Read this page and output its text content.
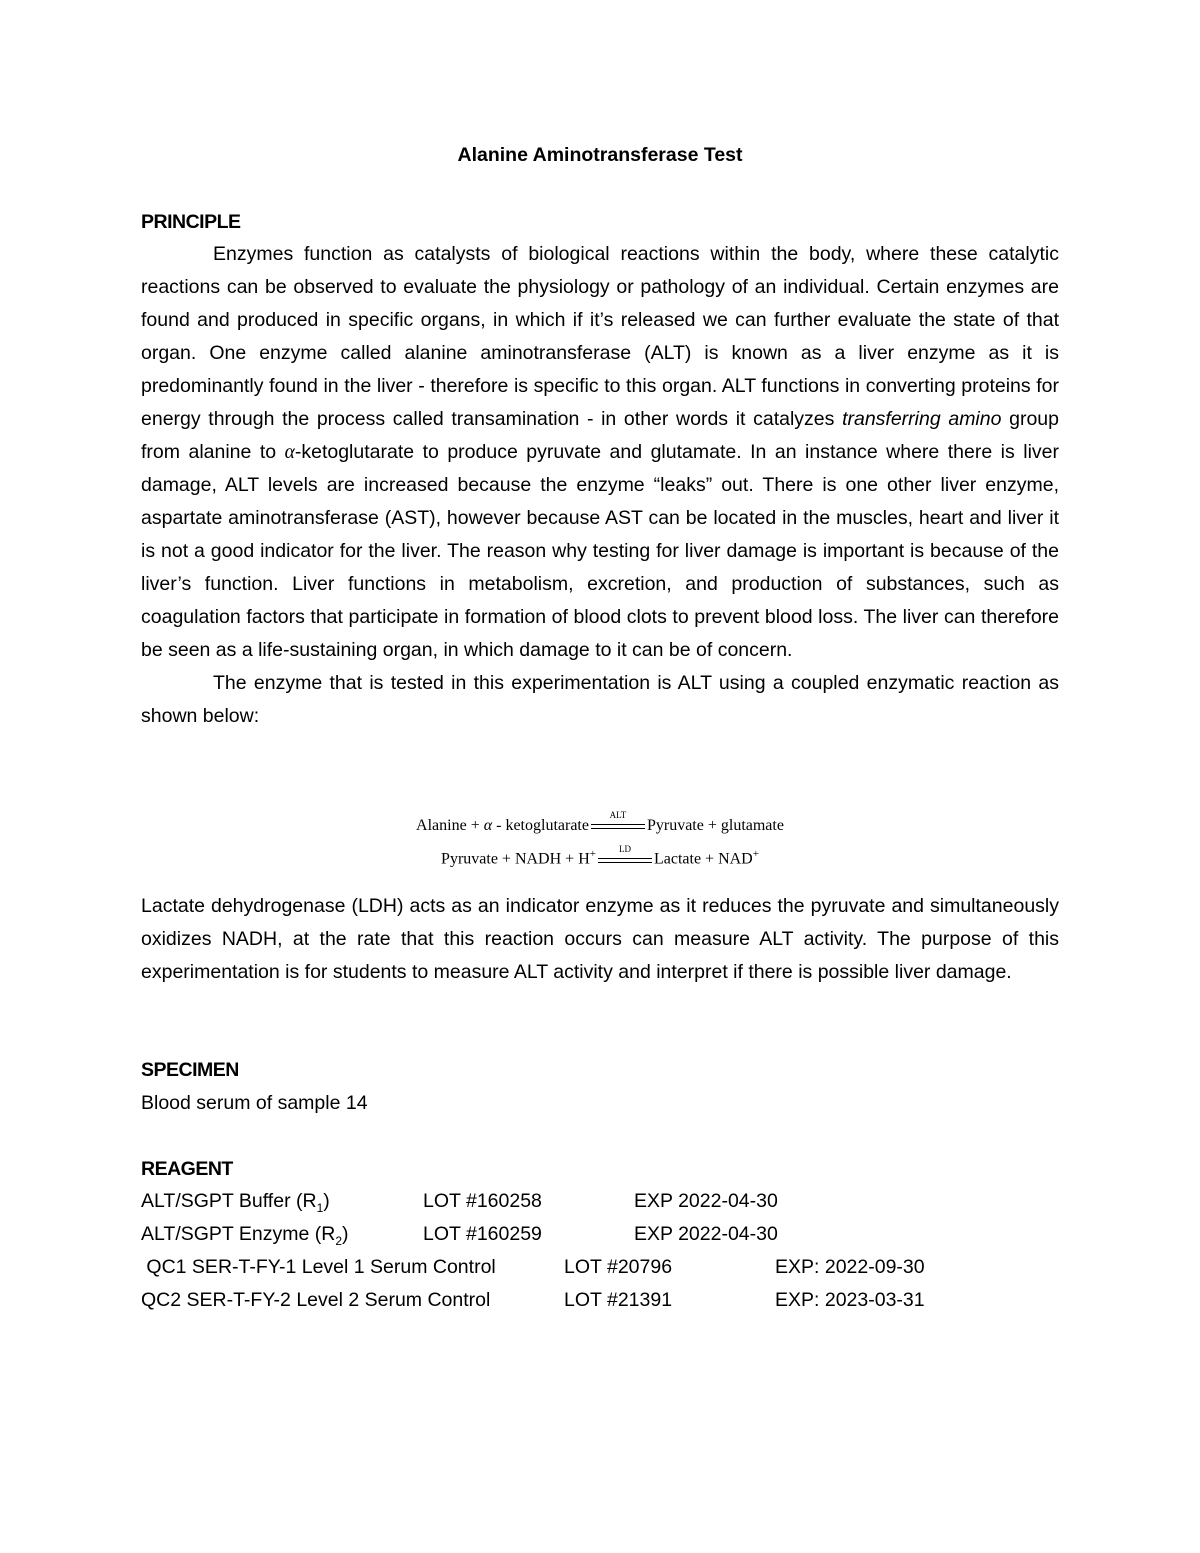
Alanine Aminotransferase Test
PRINCIPLE

Enzymes function as catalysts of biological reactions within the body, where these catalytic reactions can be observed to evaluate the physiology or pathology of an individual. Certain enzymes are found and produced in specific organs, in which if it’s released we can further evaluate the state of that organ. One enzyme called alanine aminotransferase (ALT) is known as a liver enzyme as it is predominantly found in the liver - therefore is specific to this organ. ALT functions in converting proteins for energy through the process called transamination - in other words it catalyzes transferring amino group from alanine to α-ketoglutarate to produce pyruvate and glutamate. In an instance where there is liver damage, ALT levels are increased because the enzyme “leaks” out. There is one other liver enzyme, aspartate aminotransferase (AST), however because AST can be located in the muscles, heart and liver it is not a good indicator for the liver. The reason why testing for liver damage is important is because of the liver’s function. Liver functions in metabolism, excretion, and production of substances, such as coagulation factors that participate in formation of blood clots to prevent blood loss. The liver can therefore be seen as a life-sustaining organ, in which damage to it can be of concern.

The enzyme that is tested in this experimentation is ALT using a coupled enzymatic reaction as shown below:

Alanine + α - ketoglutarate
ALT
Pyruvate + glutamate
Pyruvate + NADH + H+	LD
Lactate + NAD+

Lactate dehydrogenase (LDH) acts as an indicator enzyme as it reduces the pyruvate and simultaneously oxidizes NADH, at the rate that this reaction occurs can measure ALT activity. The purpose of this experimentation is for students to measure ALT activity and interpret if there is possible liver damage.

SPECIMEN
Blood serum of sample 14
REAGENT
ALT/SGPT Buffer $(R_1)$	LOT #160258	EXP 2022-04-30
ALT/SGPT Enzyme $(R_2)$	LOT #160259	EXP 2022-04-30
QC1 SER-T-FY-1 Level 1 Serum Control	LOT #20796	EXP: 2022-09-30
QC2 SER-T-FY-2 Level 2 Serum Control	LOT #21391	EXP: 2023-03-31
